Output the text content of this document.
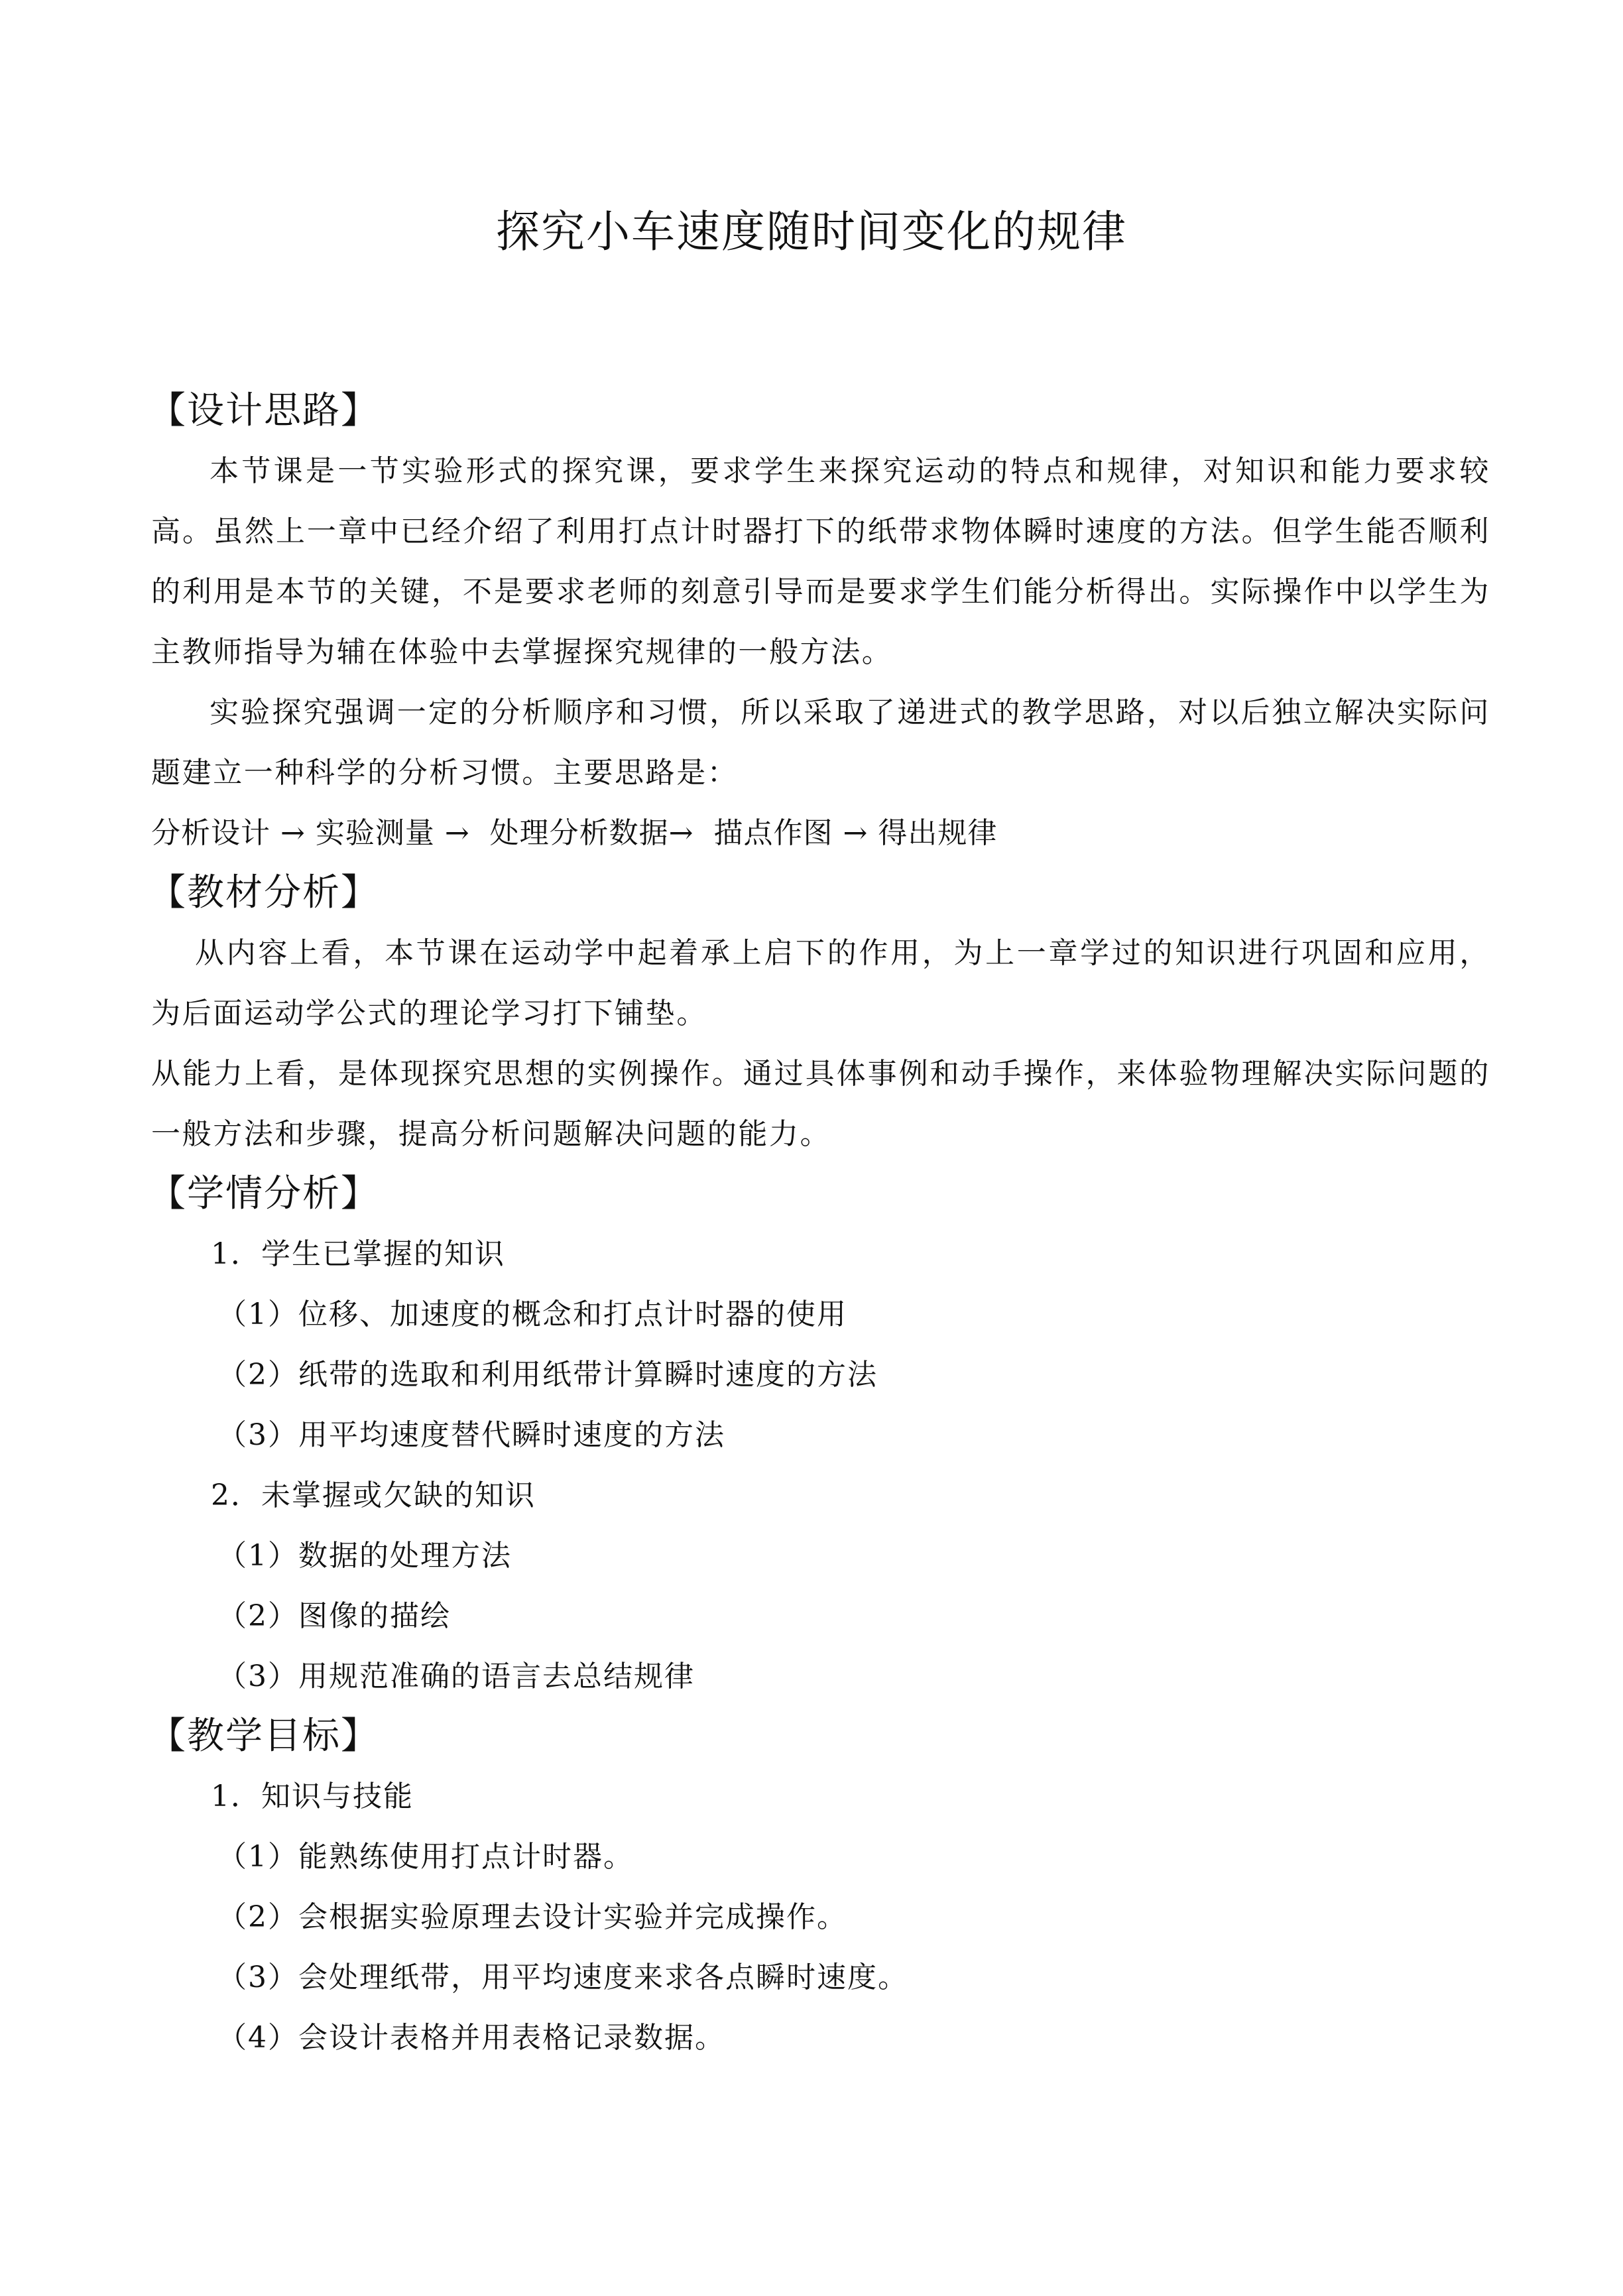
探究小车速度随时间变化的规律
【设计思路】
本节课是一节实验形式的探究课，要求学生来探究运动的特点和规律，对知识和能力要求较高。虽然上一章中已经介绍了利用打点计时器打下的纸带求物体瞬时速度的方法。但学生能否顺利的利用是本节的关键，不是要求老师的刻意引导而是要求学生们能分析得出。实际操作中以学生为主教师指导为辅在体验中去掌握探究规律的一般方法。
实验探究强调一定的分析顺序和习惯，所以采取了递进式的教学思路，对以后独立解决实际问题建立一种科学的分析习惯。主要思路是：
分析设计 → 实验测量 →  处理分析数据→  描点作图 → 得出规律
【教材分析】
从内容上看，本节课在运动学中起着承上启下的作用，为上一章学过的知识进行巩固和应用，为后面运动学公式的理论学习打下铺垫。
从能力上看，是体现探究思想的实例操作。通过具体事例和动手操作，来体验物理解决实际问题的一般方法和步骤，提高分析问题解决问题的能力。
【学情分析】
1．学生已掌握的知识
（1）位移、加速度的概念和打点计时器的使用
（2）纸带的选取和利用纸带计算瞬时速度的方法
（3）用平均速度替代瞬时速度的方法
2．未掌握或欠缺的知识
（1）数据的处理方法
（2）图像的描绘
（3）用规范准确的语言去总结规律
【教学目标】
1．知识与技能
（1）能熟练使用打点计时器。
（2）会根据实验原理去设计实验并完成操作。
（3）会处理纸带，用平均速度来求各点瞬时速度。
（4）会设计表格并用表格记录数据。
